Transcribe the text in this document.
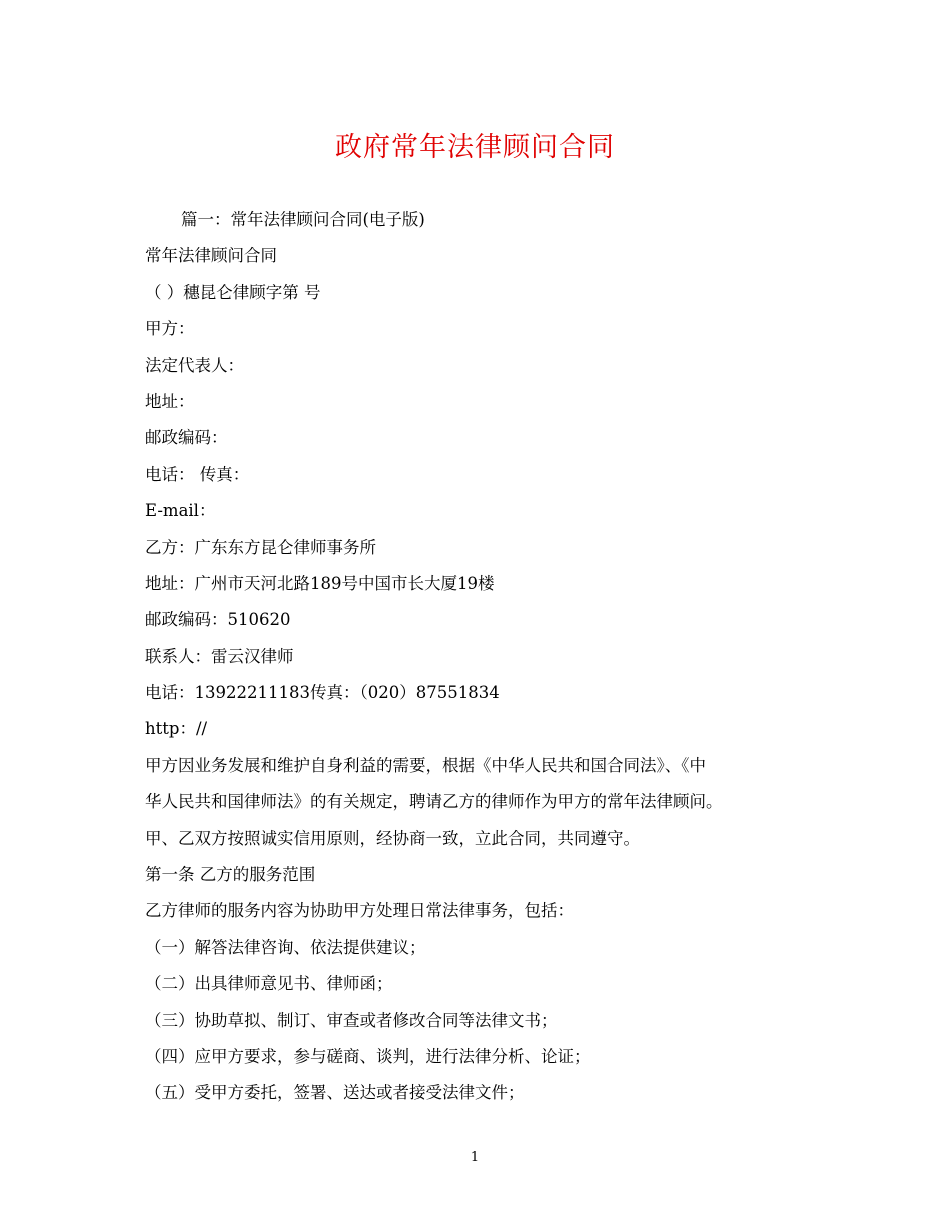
政府常年法律顾问合同
篇一：常年法律顾问合同(电子版)
常年法律顾问合同
（ ）穗昆仑律顾字第 号
甲方：
法定代表人：
地址：
邮政编码：
电话： 传真：
E-mail：
乙方：广东东方昆仑律师事务所
地址：广州市天河北路189号中国市长大厦19楼
邮政编码：510620
联系人：雷云汉律师
电话：13922211183传真：（020）87551834
http：//
甲方因业务发展和维护自身利益的需要，根据《中华人民共和国合同法》、《中
华人民共和国律师法》的有关规定，聘请乙方的律师作为甲方的常年法律顾问。
甲、乙双方按照诚实信用原则，经协商一致，立此合同，共同遵守。
第一条 乙方的服务范围
乙方律师的服务内容为协助甲方处理日常法律事务，包括：
（一）解答法律咨询、依法提供建议；
（二）出具律师意见书、律师函；
（三）协助草拟、制订、审查或者修改合同等法律文书；
（四）应甲方要求，参与磋商、谈判，进行法律分析、论证；
（五）受甲方委托，签署、送达或者接受法律文件；
1
